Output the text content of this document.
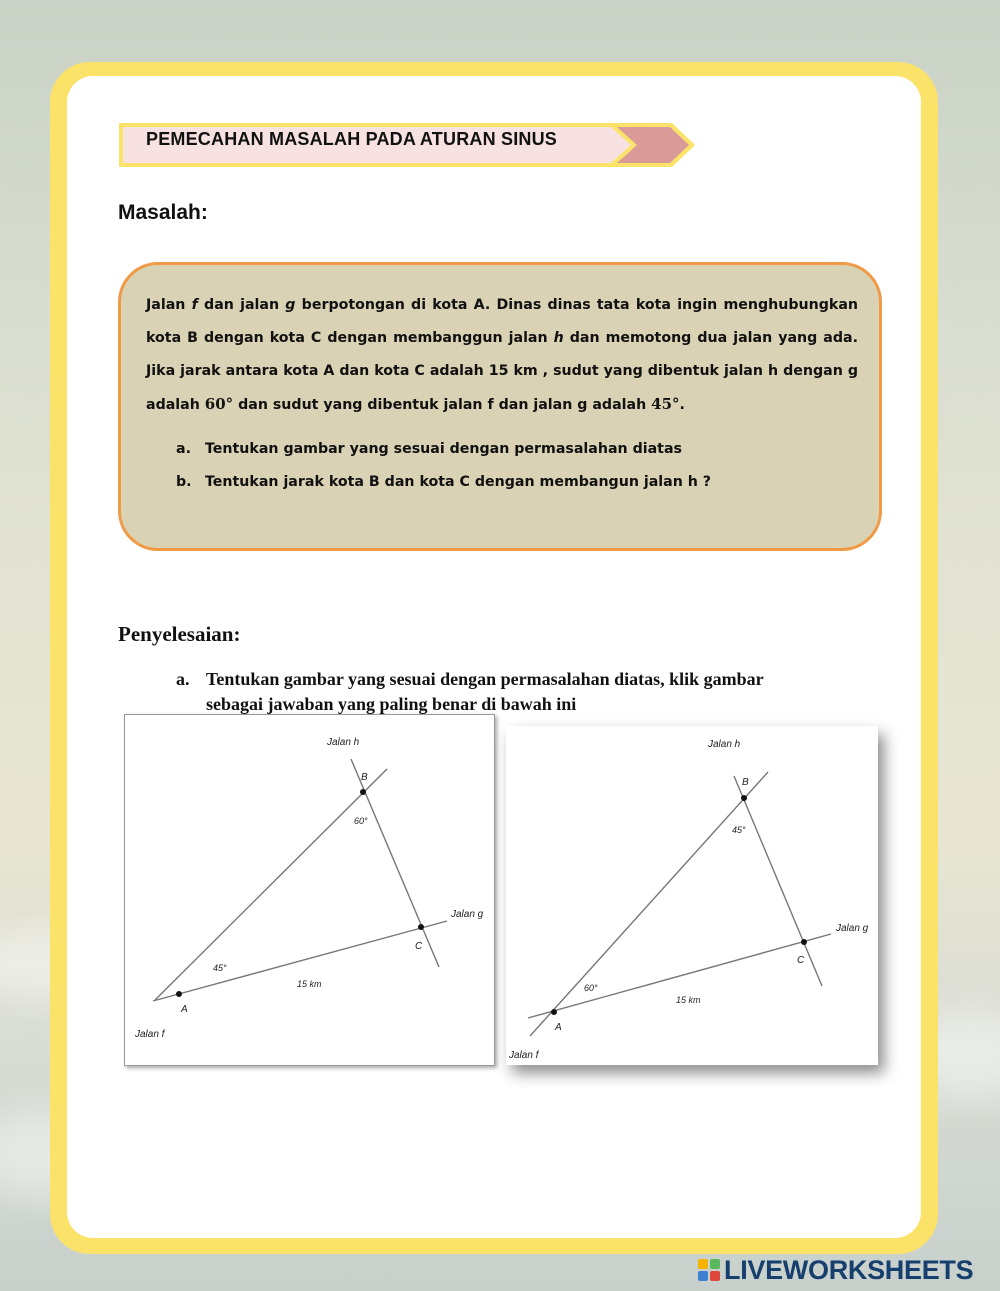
PEMECAHAN MASALAH PADA ATURAN SINUS
Masalah:
Jalan f dan jalan g berpotongan di kota A. Dinas dinas tata kota ingin menghubungkan kota B dengan kota C dengan membanggun jalan h dan memotong dua jalan yang ada. Jika jarak antara kota A dan kota C adalah 15 km , sudut yang dibentuk jalan h dengan g adalah 60° dan sudut yang dibentuk jalan f dan jalan g adalah 45°.
a. Tentukan gambar yang sesuai dengan permasalahan diatas
b. Tentukan jarak kota B dan kota C dengan membangun jalan h ?
Penyelesaian:
a. Tentukan gambar yang sesuai dengan permasalahan diatas, klik gambar
sebagai jawaban yang paling benar di bawah ini
Jalan h
Jalan g
Jalan f
B
C
A
60°
45°
15 km
Jalan h
Jalan g
Jalan f
B
C
A
45°
60°
15 km
LIVEWORKSHEETS
